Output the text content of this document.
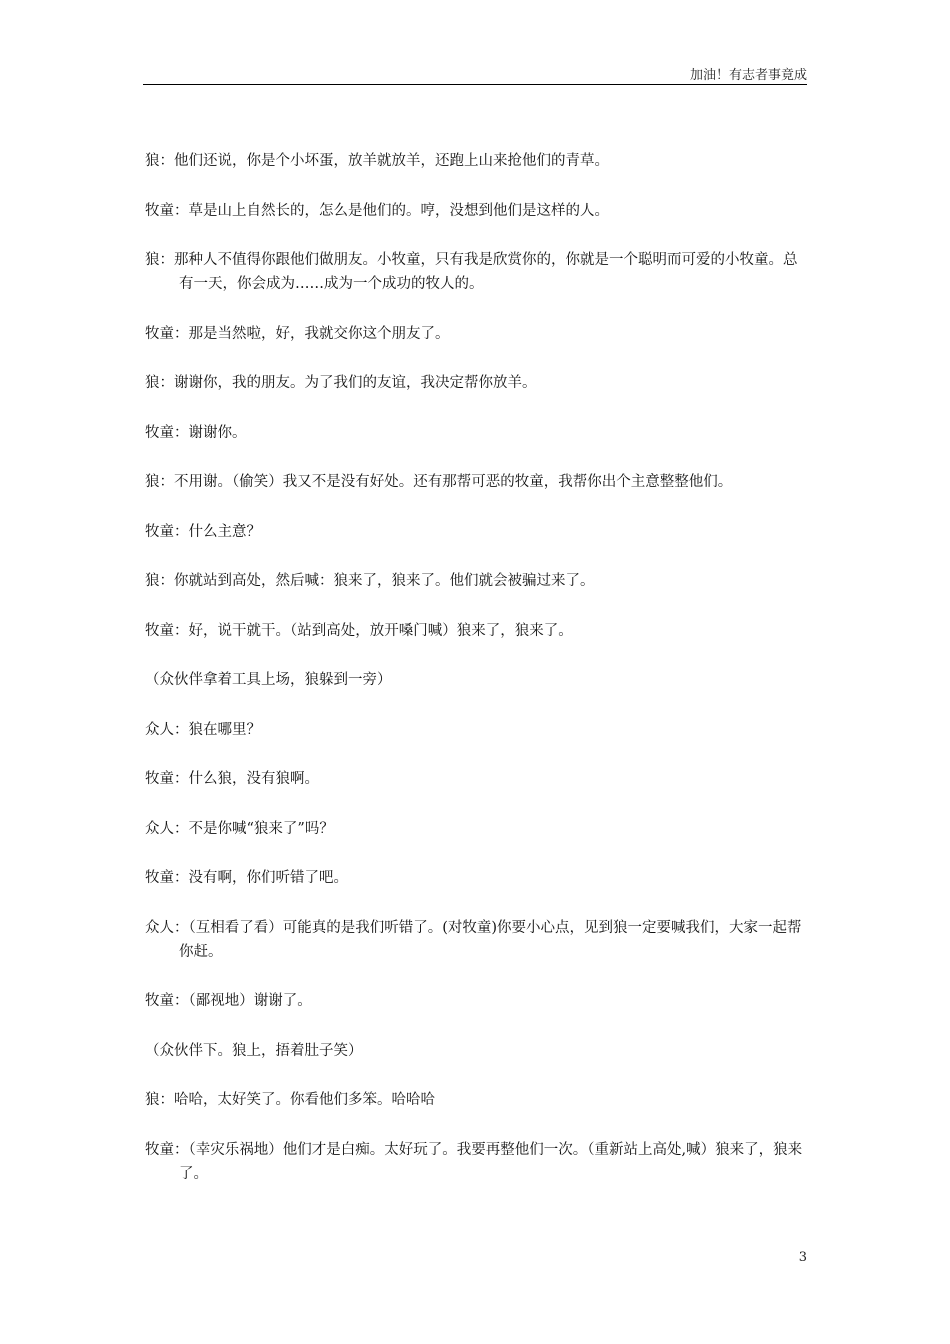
加油！有志者事竟成

狼：他们还说，你是个小坏蛋，放羊就放羊，还跑上山来抢他们的青草。

牧童：草是山上自然长的，怎么是他们的。哼，没想到他们是这样的人。

狼：那种人不值得你跟他们做朋友。小牧童，只有我是欣赏你的，你就是一个聪明而可爱的小牧童。总有一天，你会成为……成为一个成功的牧人的。

牧童：那是当然啦，好，我就交你这个朋友了。

狼：谢谢你，我的朋友。为了我们的友谊，我决定帮你放羊。

牧童：谢谢你。

狼：不用谢。（偷笑）我又不是没有好处。还有那帮可恶的牧童，我帮你出个主意整整他们。

牧童：什么主意？

狼：你就站到高处，然后喊：狼来了，狼来了。他们就会被骗过来了。

牧童：好，说干就干。（站到高处，放开嗓门喊）狼来了，狼来了。

（众伙伴拿着工具上场，狼躲到一旁）

众人：狼在哪里？

牧童：什么狼，没有狼啊。

众人：不是你喊“狼来了”吗？

牧童：没有啊，你们听错了吧。

众人：（互相看了看）可能真的是我们听错了。(对牧童)你要小心点，见到狼一定要喊我们，大家一起帮你赶。

牧童：（鄙视地）谢谢了。

（众伙伴下。狼上，捂着肚子笑）

狼：哈哈，太好笑了。你看他们多笨。哈哈哈

牧童：（幸灾乐祸地）他们才是白痴。太好玩了。我要再整他们一次。（重新站上高处,喊）狼来了，狼来了。

3
